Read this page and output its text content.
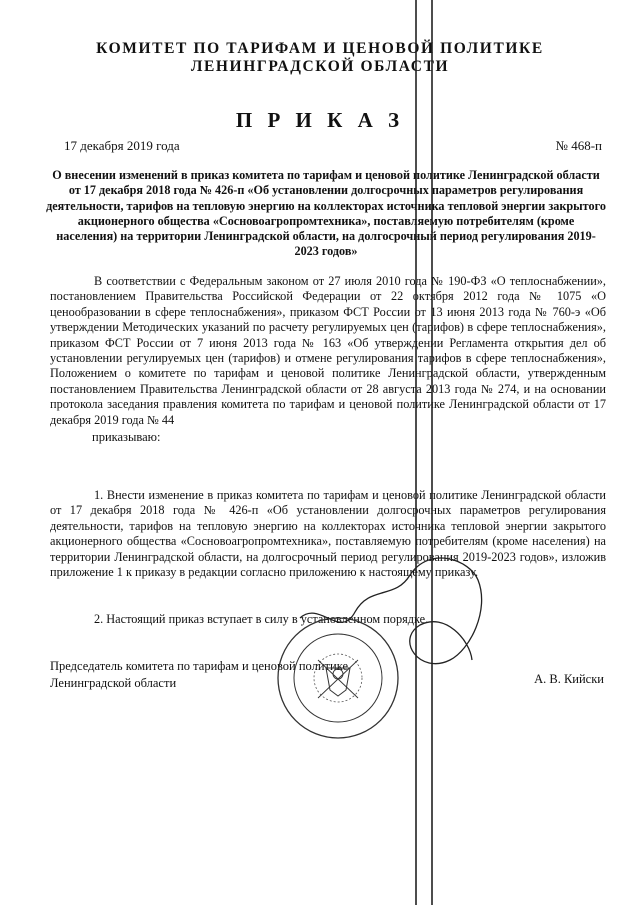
КОМИТЕТ ПО ТАРИФАМ И ЦЕНОВОЙ ПОЛИТИКЕ
ЛЕНИНГРАДСКОЙ ОБЛАСТИ
П Р И К А З
17 декабря 2019 года	№ 468-п
О внесении изменений в приказ комитета по тарифам и ценовой политике Ленинградской области от 17 декабря 2018 года № 426-п «Об установлении долгосрочных параметров регулирования деятельности, тарифов на тепловую энергию на коллекторах источника тепловой энергии закрытого акционерного общества «Сосновоагропромтехника», поставляемую потребителям (кроме населения) на территории Ленинградской области, на долгосрочный период регулирования 2019-2023 годов»
В соответствии с Федеральным законом от 27 июля 2010 года № 190-ФЗ «О теплоснабжении», постановлением Правительства Российской Федерации от 22 октября 2012 года № 1075 «О ценообразовании в сфере теплоснабжения», приказом ФСТ России от 13 июня 2013 года № 760-э «Об утверждении Методических указаний по расчету регулируемых цен (тарифов) в сфере теплоснабжения», приказом ФСТ России от 7 июня 2013 года № 163 «Об утверждении Регламента открытия дел об установлении регулируемых цен (тарифов) и отмене регулирования тарифов в сфере теплоснабжения», Положением о комитете по тарифам и ценовой политике Ленинградской области, утвержденным постановлением Правительства Ленинградской области от 28 августа 2013 года № 274, и на основании протокола заседания правления комитета по тарифам и ценовой политике Ленинградской области от 17 декабря 2019 года № 44
приказываю:
1. Внести изменение в приказ комитета по тарифам и ценовой политике Ленинградской области от 17 декабря 2018 года № 426-п «Об установлении долгосрочных параметров регулирования деятельности, тарифов на тепловую энергию на коллекторах источника тепловой энергии закрытого акционерного общества «Сосновоагропромтехника», поставляемую потребителям (кроме населения) на территории Ленинградской области, на долгосрочный период регулирования 2019-2023 годов», изложив приложение 1 к приказу в редакции согласно приложению к настоящему приказу.
2. Настоящий приказ вступает в силу в установленном порядке.
Председатель комитета по тарифам и ценовой политике Ленинградской области	А. В. Кийски
